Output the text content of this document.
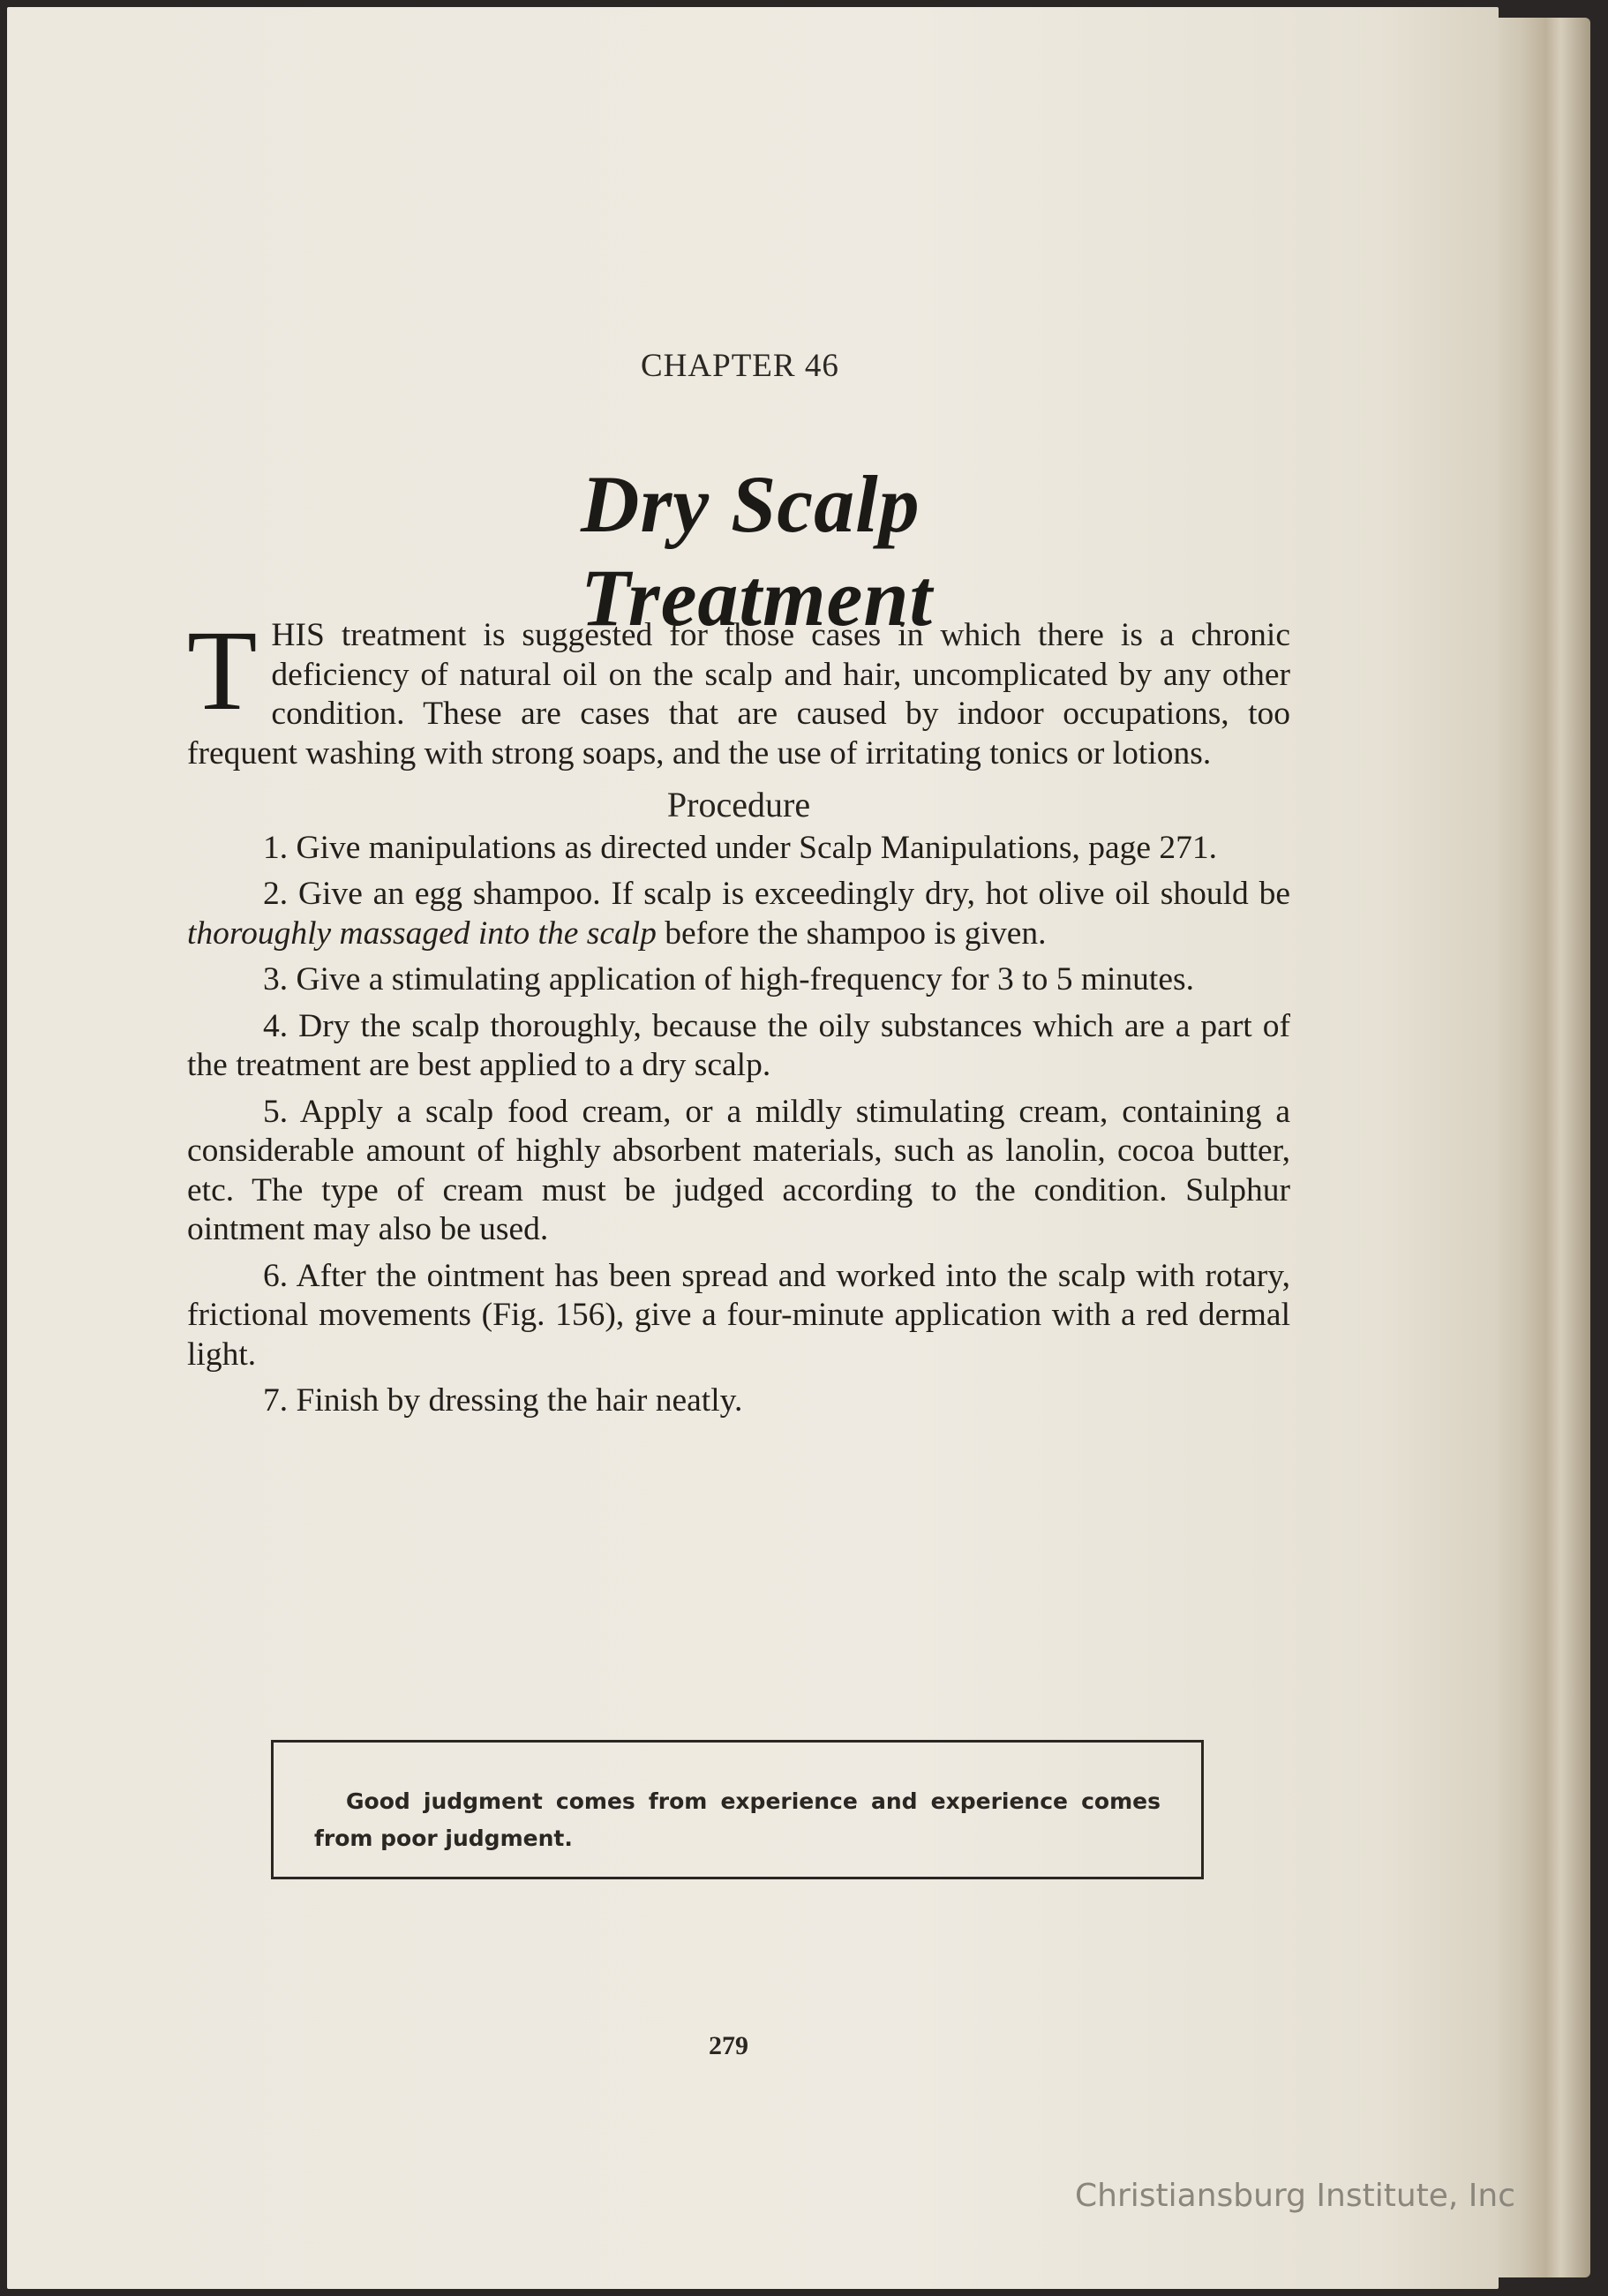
CHAPTER 46
Dry Scalp Treatment

THIS treatment is suggested for those cases in which there is a chronic deficiency of natural oil on the scalp and hair, uncomplicated by any other condition. These are cases that are caused by indoor occupations, too frequent washing with strong soaps, and the use of irritating tonics or lotions.

Procedure

1. Give manipulations as directed under Scalp Manipulations, page 271.

2. Give an egg shampoo. If scalp is exceedingly dry, hot olive oil should be thoroughly massaged into the scalp before the shampoo is given.

3. Give a stimulating application of high-frequency for 3 to 5 minutes.

4. Dry the scalp thoroughly, because the oily substances which are a part of the treatment are best applied to a dry scalp.

5. Apply a scalp food cream, or a mildly stimulating cream, containing a considerable amount of highly absorbent materials, such as lanolin, cocoa butter, etc. The type of cream must be judged according to the condition. Sulphur ointment may also be used.

6. After the ointment has been spread and worked into the scalp with rotary, frictional movements (Fig. 156), give a four-minute application with a red dermal light.

7. Finish by dressing the hair neatly.

Good judgment comes from experience and experience comes from poor judgment.
279
Christiansburg Institute, Inc
